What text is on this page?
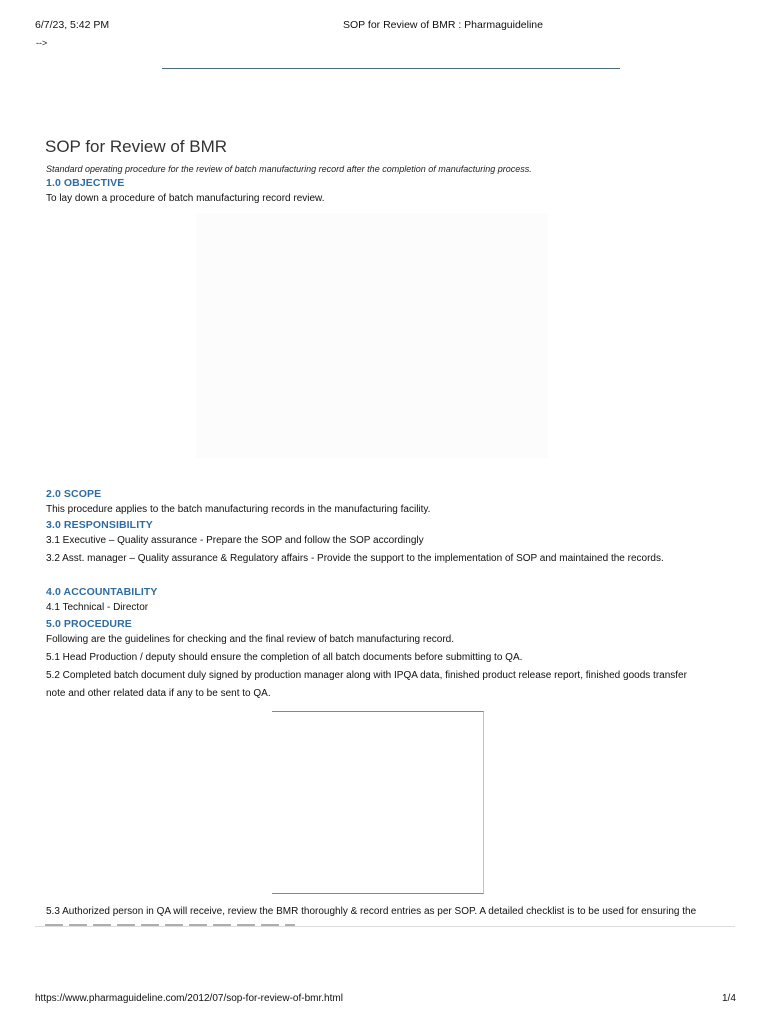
6/7/23, 5:42 PM	SOP for Review of BMR : Pharmaguideline
-->
SOP for Review of BMR
Standard operating procedure for the review of batch manufacturing record after the completion of manufacturing process.
1.0 OBJECTIVE
To lay down a procedure of batch manufacturing record review.
2.0 SCOPE
This procedure applies to the batch manufacturing records in the manufacturing facility.
3.0 RESPONSIBILITY
3.1 Executive – Quality assurance - Prepare the SOP and follow the SOP accordingly
3.2 Asst. manager – Quality assurance & Regulatory affairs - Provide the support to the implementation of SOP and maintained the records.
4.0 ACCOUNTABILITY
4.1 Technical - Director
5.0 PROCEDURE
Following are the guidelines for checking and the final review of batch manufacturing record.
5.1 Head Production / deputy should ensure the completion of all batch documents before submitting to QA.
5.2 Completed batch document duly signed by production manager along with IPQA data, finished product release report, finished goods transfer
note and other related data if any to be sent to QA.
5.3 Authorized person in QA will receive, review the BMR thoroughly & record entries as per SOP. A detailed checklist is to be used for ensuring the
https://www.pharmaguideline.com/2012/07/sop-for-review-of-bmr.html	1/4
